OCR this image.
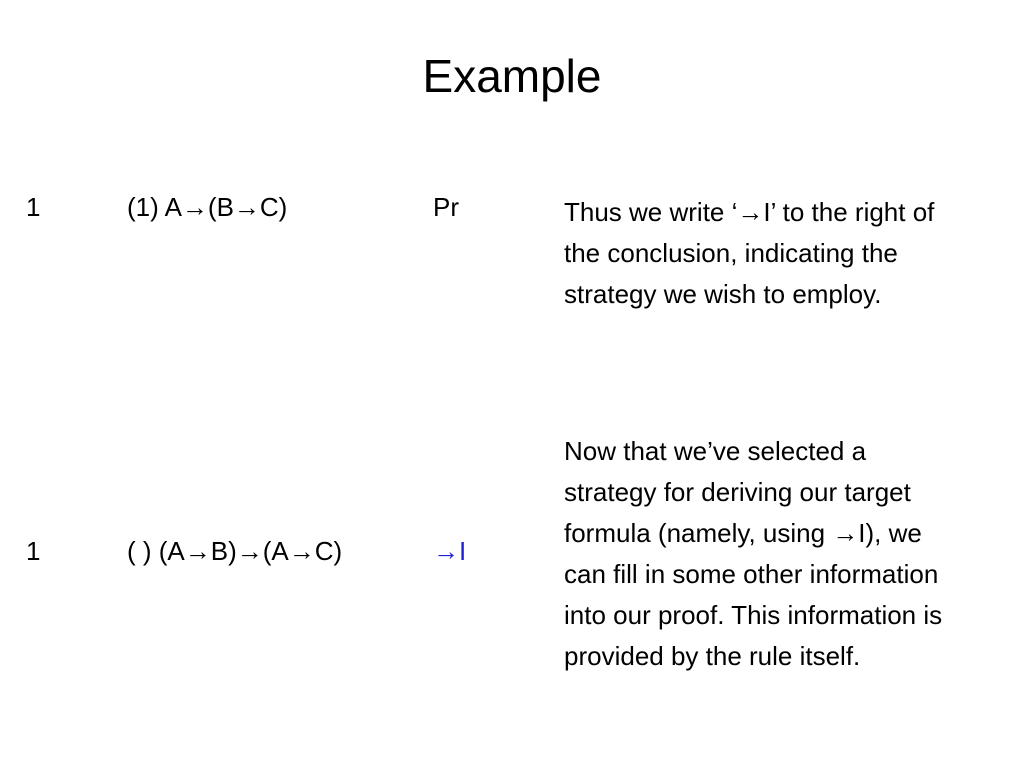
Example
1	(1) A→(B→C)	Pr
1	( ) (A→B)→(A→C)	→I
Thus we write ‘→I’ to the right of the conclusion, indicating the strategy we wish to employ.
Now that we’ve selected a strategy for deriving our target formula (namely, using →I), we can fill in some other information into our proof. This information is provided by the rule itself.
